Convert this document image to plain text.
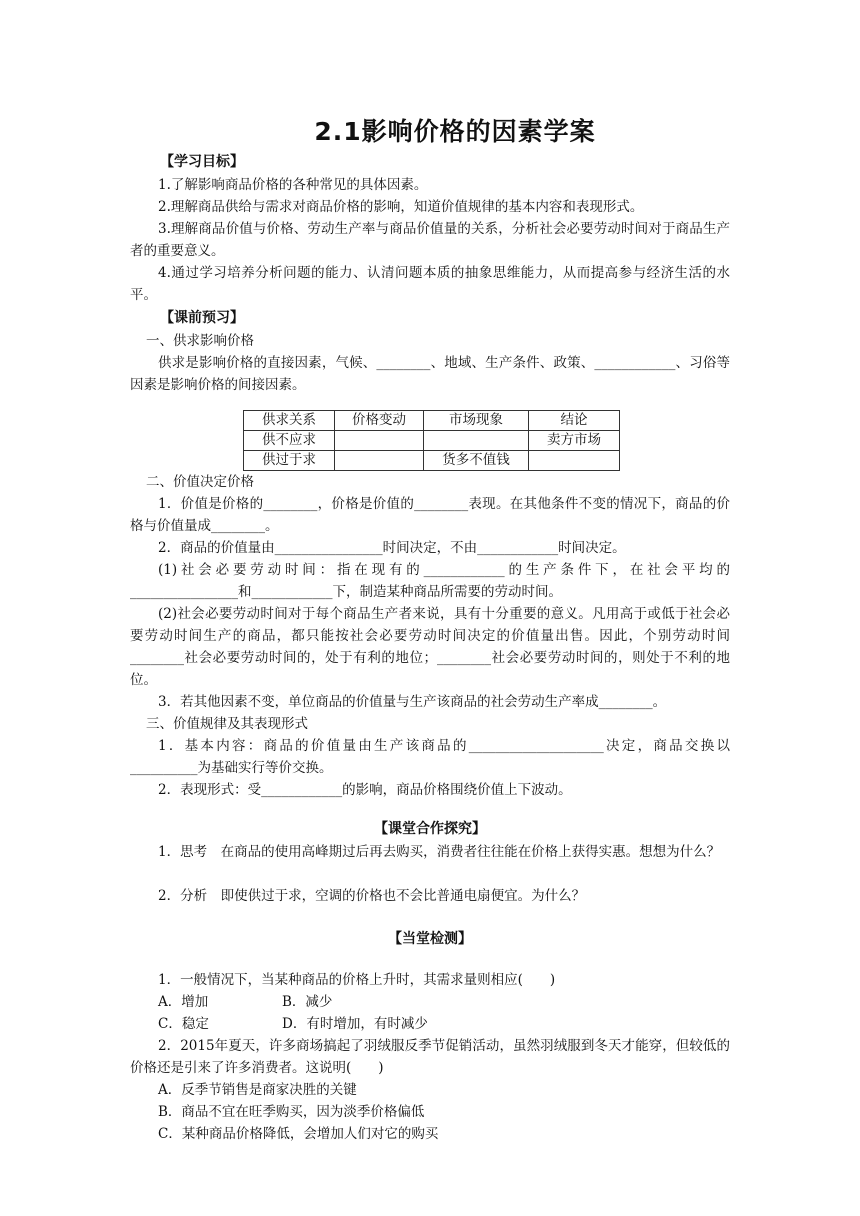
2.1影响价格的因素学案

【学习目标】

1.了解影响商品价格的各种常见的具体因素。

2.理解商品供给与需求对商品价格的影响，知道价值规律的基本内容和表现形式。

3.理解商品价值与价格、劳动生产率与商品价值量的关系，分析社会必要劳动时间对于商品生产者的重要意义。

4.通过学习培养分析问题的能力、认清问题本质的抽象思维能力，从而提高参与经济生活的水平。

【课前预习】

一、供求影响价格

供求是影响价格的直接因素，气候、________、地域、生产条件、政策、____________、习俗等因素是影响价格的间接因素。

供求关系	价格变动	市场现象	结论
供不应求			卖方市场
供过于求		货多不值钱	

二、价值决定价格

1．价值是价格的________，价格是价值的________表现。在其他条件不变的情况下，商品的价格与价值量成________。

2．商品的价值量由________________时间决定，不由____________时间决定。

(1)社会必要劳动时间：指在现有的____________的生产条件下，在社会平均的________________和____________下，制造某种商品所需要的劳动时间。

(2)社会必要劳动时间对于每个商品生产者来说，具有十分重要的意义。凡用高于或低于社会必要劳动时间生产的商品，都只能按社会必要劳动时间决定的价值量出售。因此，个别劳动时间________社会必要劳动时间的，处于有利的地位；________社会必要劳动时间的，则处于不利的地位。

3．若其他因素不变，单位商品的价值量与生产该商品的社会劳动生产率成________。

三、价值规律及其表现形式

1．基本内容：商品的价值量由生产该商品的____________________决定，商品交换以__________为基础实行等价交换。

2．表现形式：受____________的影响，商品价格围绕价值上下波动。

【课堂合作探究】

1．思考　在商品的使用高峰期过后再去购买，消费者往往能在价格上获得实惠。想想为什么？

2．分析　即使供过于求，空调的价格也不会比普通电扇便宜。为什么？

【当堂检测】

1．一般情况下，当某种商品的价格上升时，其需求量则相应(　　)

A．增加	B．减少

C．稳定	D．有时增加，有时减少

2．2015年夏天，许多商场搞起了羽绒服反季节促销活动，虽然羽绒服到冬天才能穿，但较低的价格还是引来了许多消费者。这说明(　　)

A．反季节销售是商家决胜的关键

B．商品不宜在旺季购买，因为淡季价格偏低

C．某种商品价格降低，会增加人们对它的购买
